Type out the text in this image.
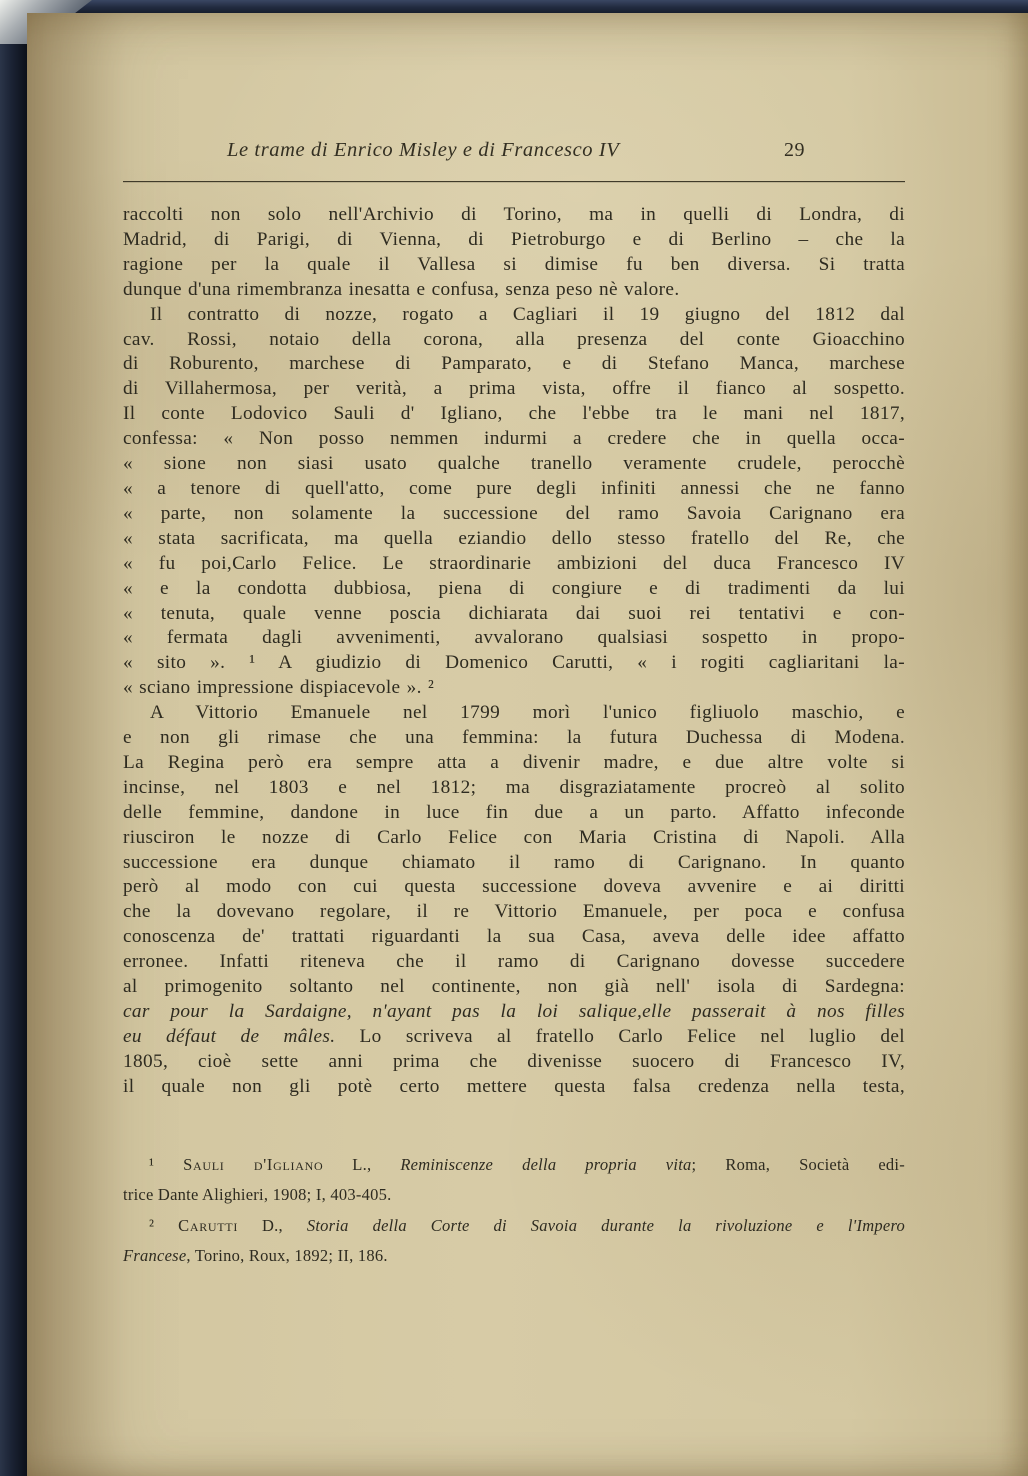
Le trame di Enrico Misley e di Francesco IV	29
raccolti non solo nell'Archivio di Torino, ma in quelli di Londra, di
Madrid, di Parigi, di Vienna, di Pietroburgo e di Berlino – che la
ragione per la quale il Vallesa si dimise fu ben diversa. Si tratta
dunque d'una rimembranza inesatta e confusa, senza peso nè valore.
Il contratto di nozze, rogato a Cagliari il 19 giugno del 1812 dal
cav. Rossi, notaio della corona, alla presenza del conte Gioacchino
di Roburento, marchese di Pamparato, e di Stefano Manca, marchese
di Villahermosa, per verità, a prima vista, offre il fianco al sospetto.
Il conte Lodovico Sauli d' Igliano, che l'ebbe tra le mani nel 1817,
confessa: « Non posso nemmen indurmi a credere che in quella occa-
« sione non siasi usato qualche tranello veramente crudele, perocchè
« a tenore di quell'atto, come pure degli infiniti annessi che ne fanno
« parte, non solamente la successione del ramo Savoia Carignano era
« stata sacrificata, ma quella eziandio dello stesso fratello del Re, che
« fu poi,Carlo Felice. Le straordinarie ambizioni del duca Francesco IV
« e la condotta dubbiosa, piena di congiure e di tradimenti da lui
« tenuta, quale venne poscia dichiarata dai suoi rei tentativi e con-
« fermata dagli avvenimenti, avvalorano qualsiasi sospetto in propo-
« sito ». ¹ A giudizio di Domenico Carutti, « i rogiti cagliaritani la-
« sciano impressione dispiacevole ». ²
A Vittorio Emanuele nel 1799 morì l'unico figliuolo maschio, e
e non gli rimase che una femmina: la futura Duchessa di Modena.
La Regina però era sempre atta a divenir madre, e due altre volte si
incinse, nel 1803 e nel 1812; ma disgraziatamente procreò al solito
delle femmine, dandone in luce fin due a un parto. Affatto infeconde
riusciron le nozze di Carlo Felice con Maria Cristina di Napoli. Alla
successione era dunque chiamato il ramo di Carignano. In quanto
però al modo con cui questa successione doveva avvenire e ai diritti
che la dovevano regolare, il re Vittorio Emanuele, per poca e confusa
conoscenza de' trattati riguardanti la sua Casa, aveva delle idee affatto
erronee. Infatti riteneva che il ramo di Carignano dovesse succedere
al primogenito soltanto nel continente, non già nell' isola di Sardegna:
car pour la Sardaigne, n'ayant pas la loi salique,elle passerait à nos filles
eu défaut de mâles. Lo scriveva al fratello Carlo Felice nel luglio del
1805, cioè sette anni prima che divenisse suocero di Francesco IV,
il quale non gli potè certo mettere questa falsa credenza nella testa,
¹ Sauli d'Igliano L., Reminiscenze della propria vita; Roma, Società edi-
trice Dante Alighieri, 1908; I, 403-405.
² Carutti D., Storia della Corte di Savoia durante la rivoluzione e l'Impero
Francese, Torino, Roux, 1892; II, 186.
